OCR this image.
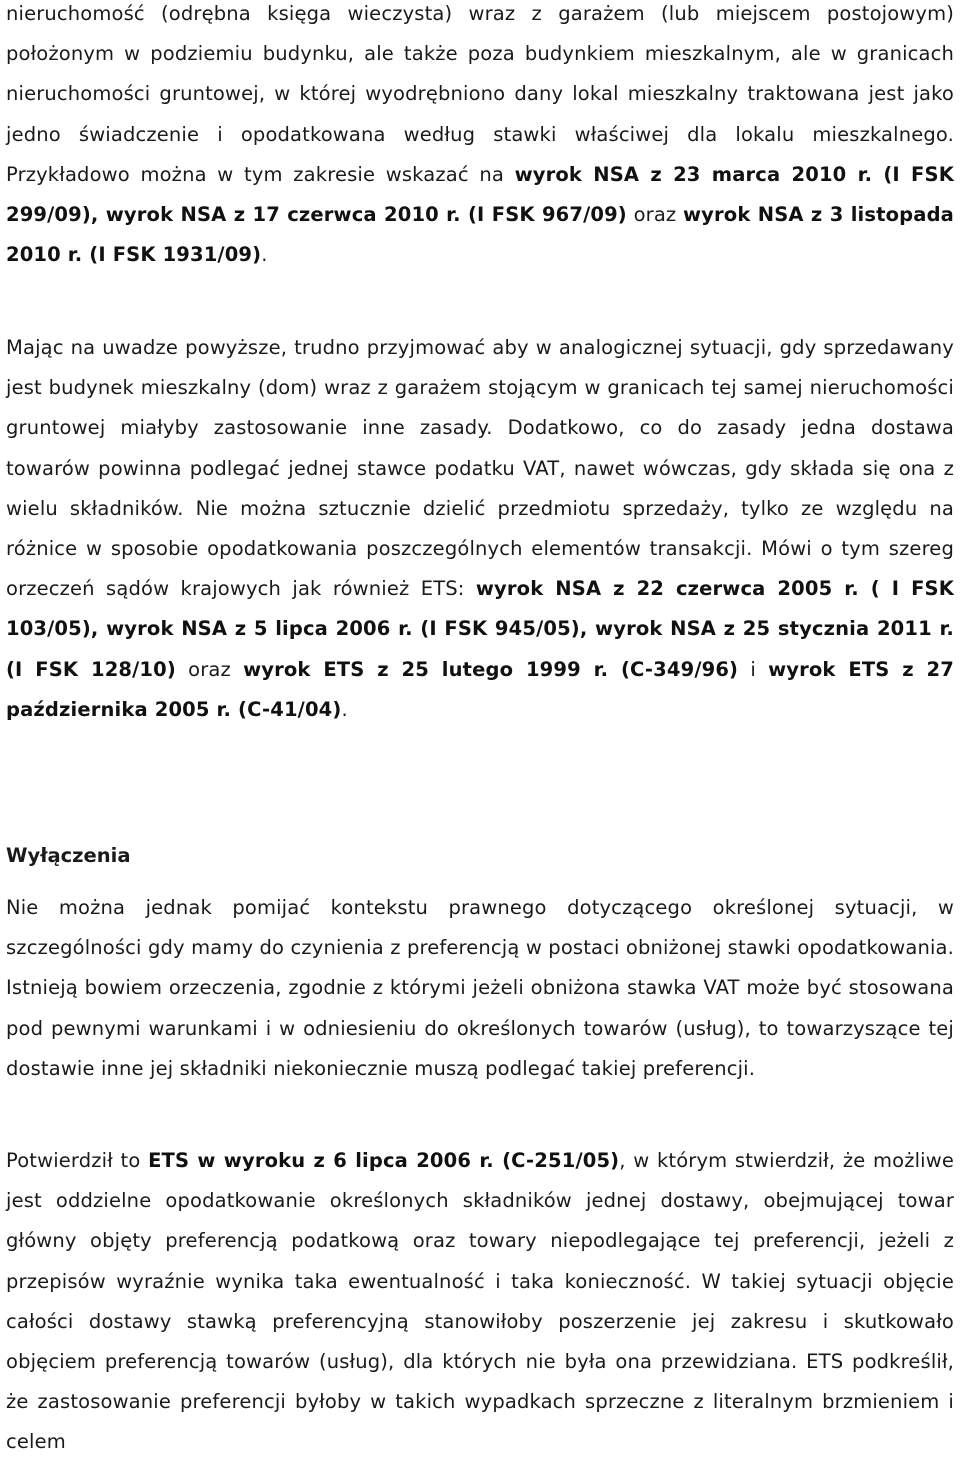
nieruchomość (odrębna księga wieczysta) wraz z garażem (lub miejscem postojowym) położonym w podziemiu budynku, ale także poza budynkiem mieszkalnym, ale w granicach nieruchomości gruntowej, w której wyodrębniono dany lokal mieszkalny traktowana jest jako jedno świadczenie i opodatkowana według stawki właściwej dla lokalu mieszkalnego. Przykładowo można w tym zakresie wskazać na wyrok NSA z 23 marca 2010 r. (I FSK 299/09), wyrok NSA z 17 czerwca 2010 r. (I FSK 967/09) oraz wyrok NSA z 3 listopada 2010 r. (I FSK 1931/09).

Mając na uwadze powyższe, trudno przyjmować aby w analogicznej sytuacji, gdy sprzedawany jest budynek mieszkalny (dom) wraz z garażem stojącym w granicach tej samej nieruchomości gruntowej miałyby zastosowanie inne zasady. Dodatkowo, co do zasady jedna dostawa towarów powinna podlegać jednej stawce podatku VAT, nawet wówczas, gdy składa się ona z wielu składników. Nie można sztucznie dzielić przedmiotu sprzedaży, tylko ze względu na różnice w sposobie opodatkowania poszczególnych elementów transakcji. Mówi o tym szereg orzeczeń sądów krajowych jak również ETS: wyrok NSA z 22 czerwca 2005 r. ( I FSK 103/05), wyrok NSA z 5 lipca 2006 r. (I FSK 945/05), wyrok NSA z 25 stycznia 2011 r. (I FSK 128/10) oraz wyrok ETS z 25 lutego 1999 r. (C-349/96) i wyrok ETS z 27 października 2005 r. (C-41/04).

Wyłączenia

Nie można jednak pomijać kontekstu prawnego dotyczącego określonej sytuacji, w szczególności gdy mamy do czynienia z preferencją w postaci obniżonej stawki opodatkowania. Istnieją bowiem orzeczenia, zgodnie z którymi jeżeli obniżona stawka VAT może być stosowana pod pewnymi warunkami i w odniesieniu do określonych towarów (usług), to towarzyszące tej dostawie inne jej składniki niekoniecznie muszą podlegać takiej preferencji.

Potwierdził to ETS w wyroku z 6 lipca 2006 r. (C-251/05), w którym stwierdził, że możliwe jest oddzielne opodatkowanie określonych składników jednej dostawy, obejmującej towar główny objęty preferencją podatkową oraz towary niepodlegające tej preferencji, jeżeli z przepisów wyraźnie wynika taka ewentualność i taka konieczność. W takiej sytuacji objęcie całości dostawy stawką preferencyjną stanowiłoby poszerzenie jej zakresu i skutkowało objęciem preferencją towarów (usług), dla których nie była ona przewidziana. ETS podkreślił, że zastosowanie preferencji byłoby w takich wypadkach sprzeczne z literalnym brzmieniem i celem
